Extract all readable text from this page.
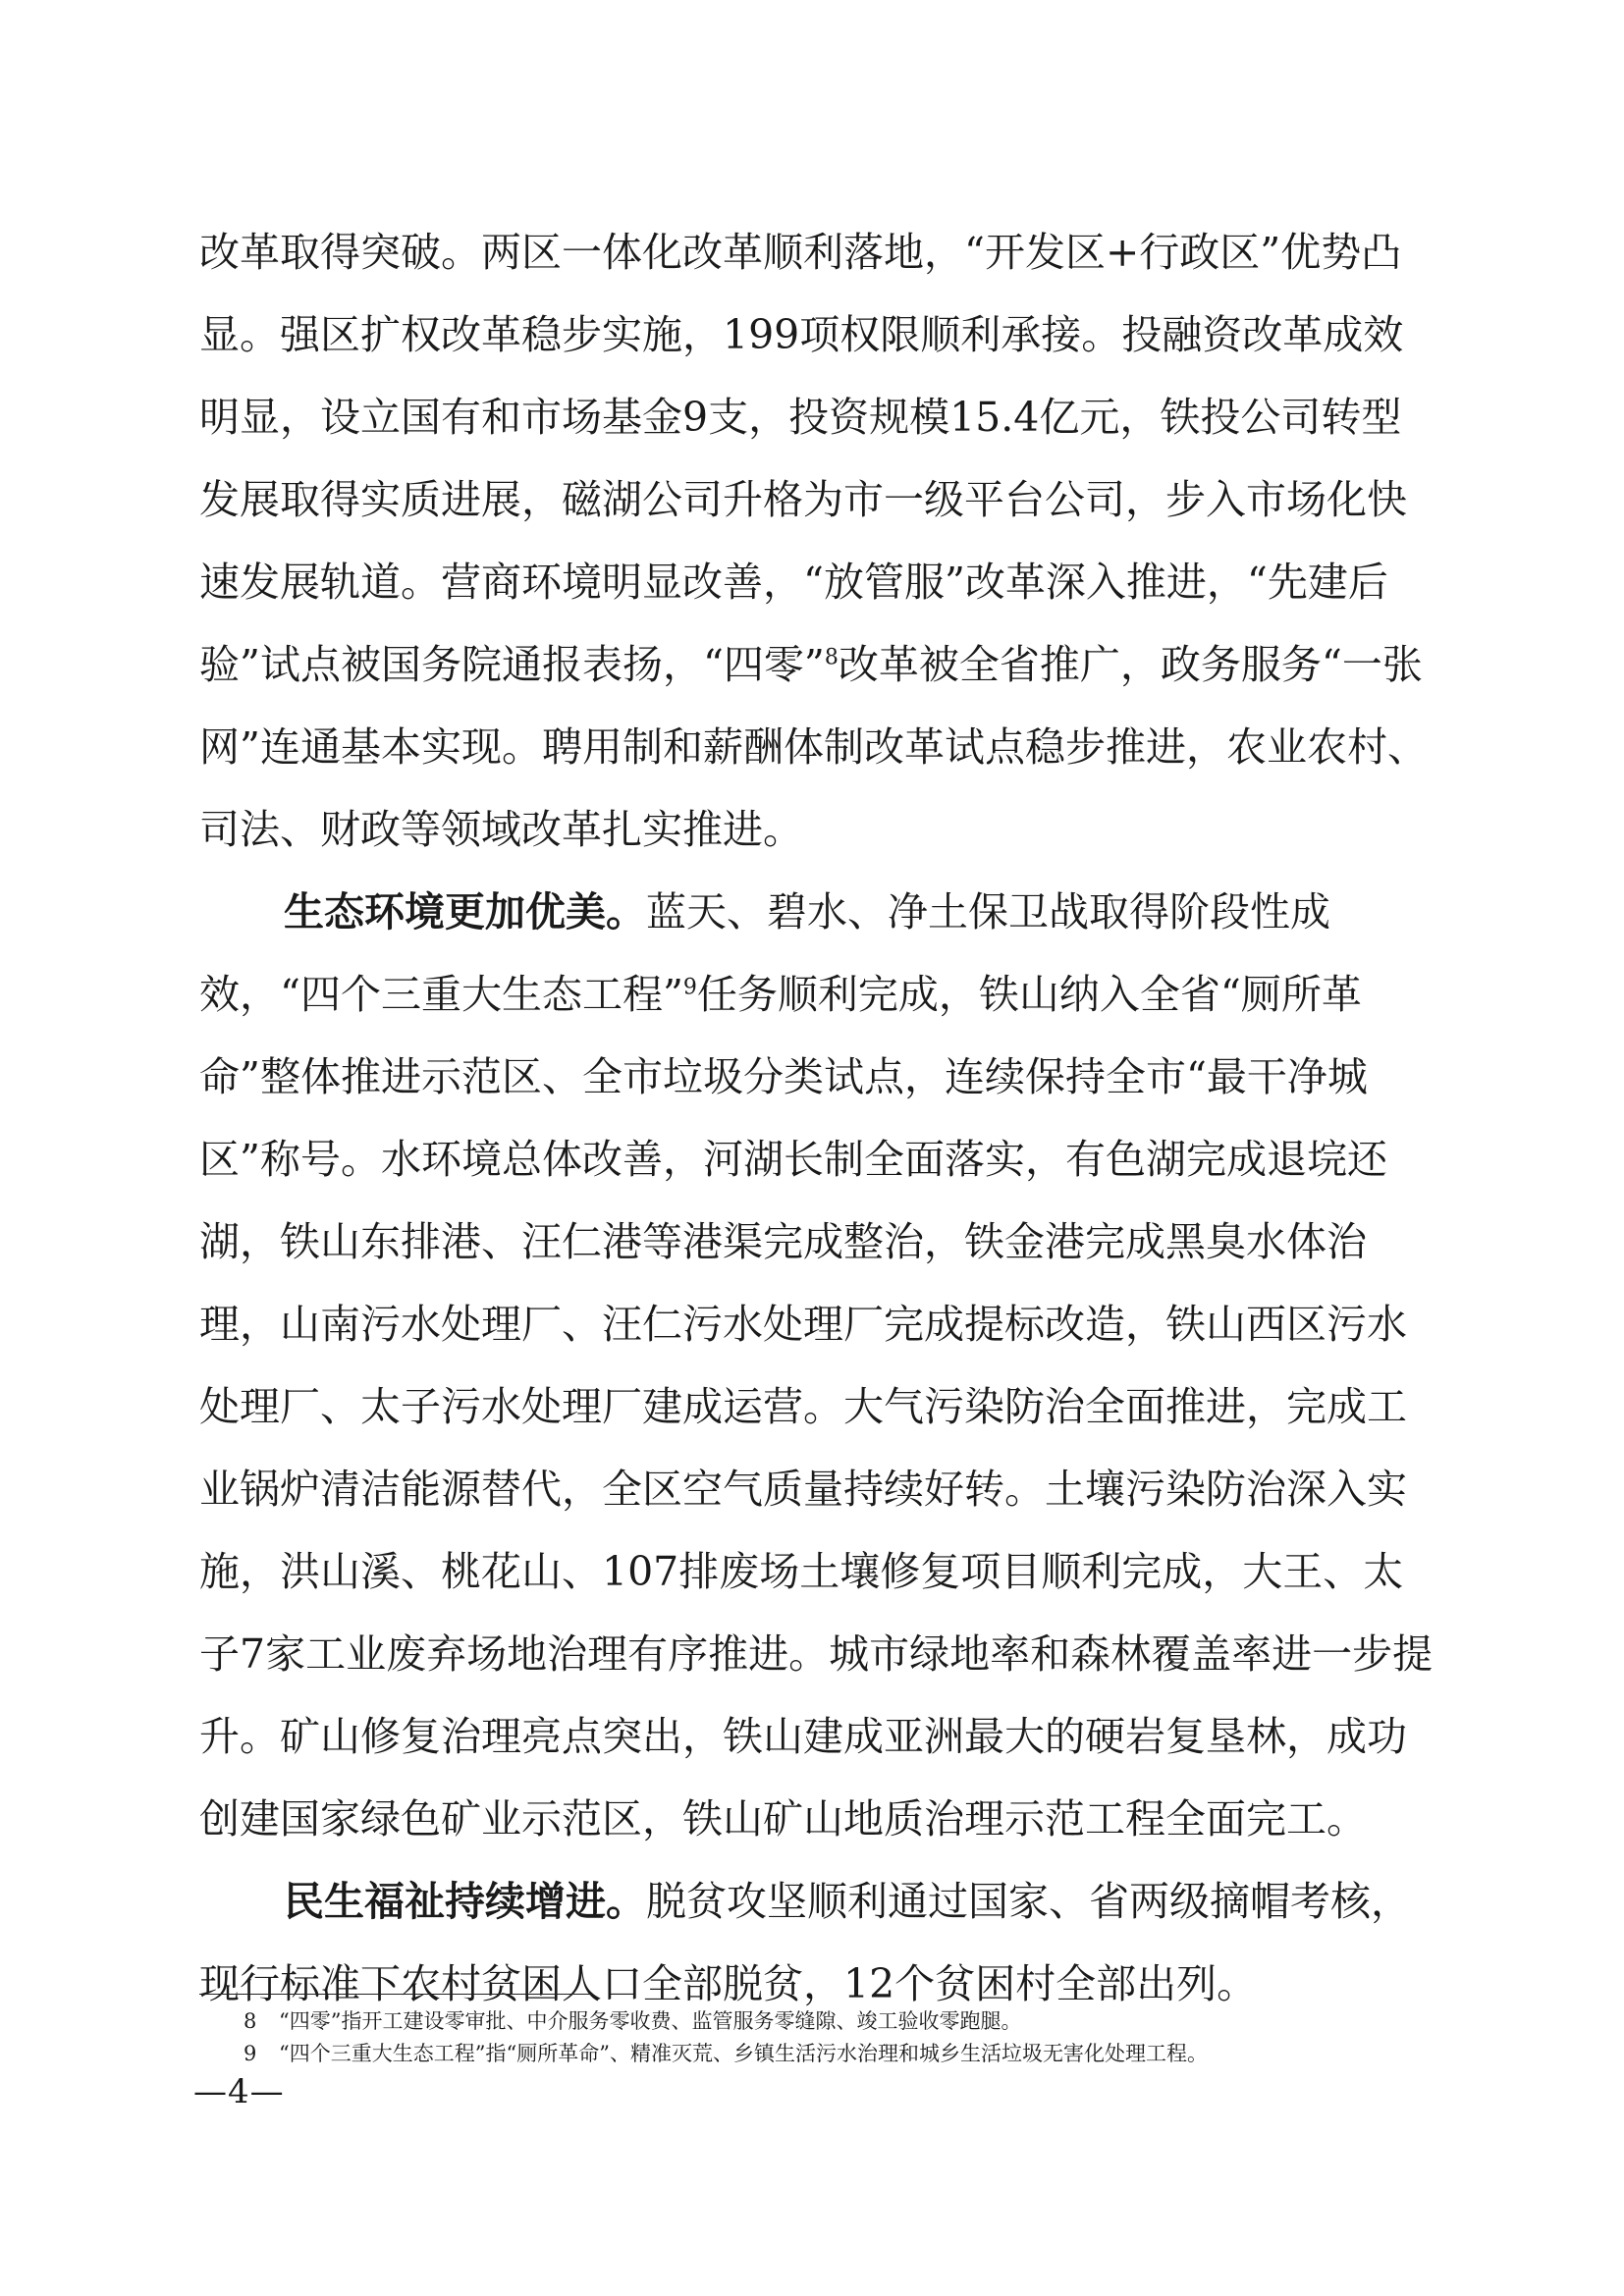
改革取得突破。两区一体化改革顺利落地，“开发区+行政区”优势凸显。强区扩权改革稳步实施，199项权限顺利承接。投融资改革成效明显，设立国有和市场基金9支，投资规模15.4亿元，铁投公司转型发展取得实质进展，磁湖公司升格为市一级平台公司，步入市场化快速发展轨道。营商环境明显改善，“放管服”改革深入推进，“先建后验”试点被国务院通报表扬，“四零”$^8$改革被全省推广，政务服务“一张网”连通基本实现。聘用制和薪酬体制改革试点稳步推进，农业农村、司法、财政等领域改革扎实推进。

生态环境更加优美。蓝天、碧水、净土保卫战取得阶段性成效，“四个三重大生态工程”$^9$任务顺利完成，铁山纳入全省“厕所革命”整体推进示范区、全市垃圾分类试点，连续保持全市“最干净城区”称号。水环境总体改善，河湖长制全面落实，有色湖完成退垸还湖，铁山东排港、汪仁港等港渠完成整治，铁金港完成黑臭水体治理，山南污水处理厂、汪仁污水处理厂完成提标改造，铁山西区污水处理厂、太子污水处理厂建成运营。大气污染防治全面推进，完成工业锅炉清洁能源替代，全区空气质量持续好转。土壤污染防治深入实施，洪山溪、桃花山、107排废场土壤修复项目顺利完成，大王、太子7家工业废弃场地治理有序推进。城市绿地率和森林覆盖率进一步提升。矿山修复治理亮点突出，铁山建成亚洲最大的硬岩复垦林，成功创建国家绿色矿业示范区，铁山矿山地质治理示范工程全面完工。

民生福祉持续增进。脱贫攻坚顺利通过国家、省两级摘帽考核，现行标准下农村贫困人口全部脱贫，12个贫困村全部出列。

8 “四零”指开工建设零审批、中介服务零收费、监管服务零缝隙、竣工验收零跑腿。
9 “四个三重大生态工程”指“厕所革命”、精准灭荒、乡镇生活污水治理和城乡生活垃圾无害化处理工程。
—4—
